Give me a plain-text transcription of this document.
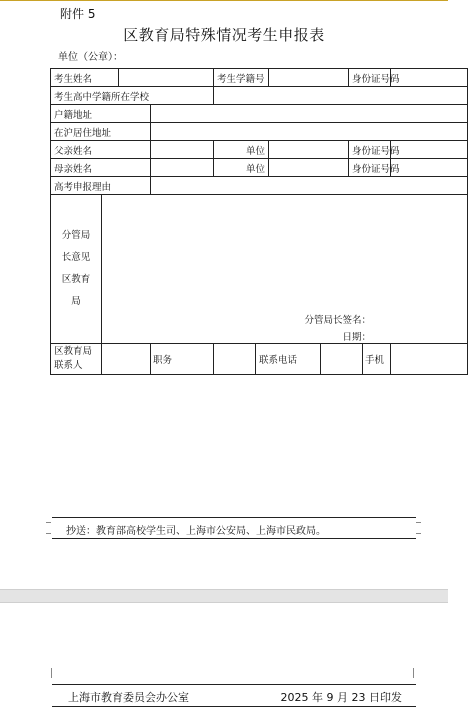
附件 5
区教育局特殊情况考生申报表
单位（公章）：
考生姓名				考生学籍号				身份证号码		
考生高中学籍所在学校										
户籍地址										
在沪居住地址										
父亲姓名				单位				身份证号码		
母亲姓名				单位				身份证号码		
高考申报理由										
分管局长意见区教育局	分管局长签名：
日期：									

区教育局联系人			职务		联系电话				手机	
抄送：教育部高校学生司、上海市公安局、上海市民政局。
上海市教育委员会办公室	2025 年 9 月 23 日印发
